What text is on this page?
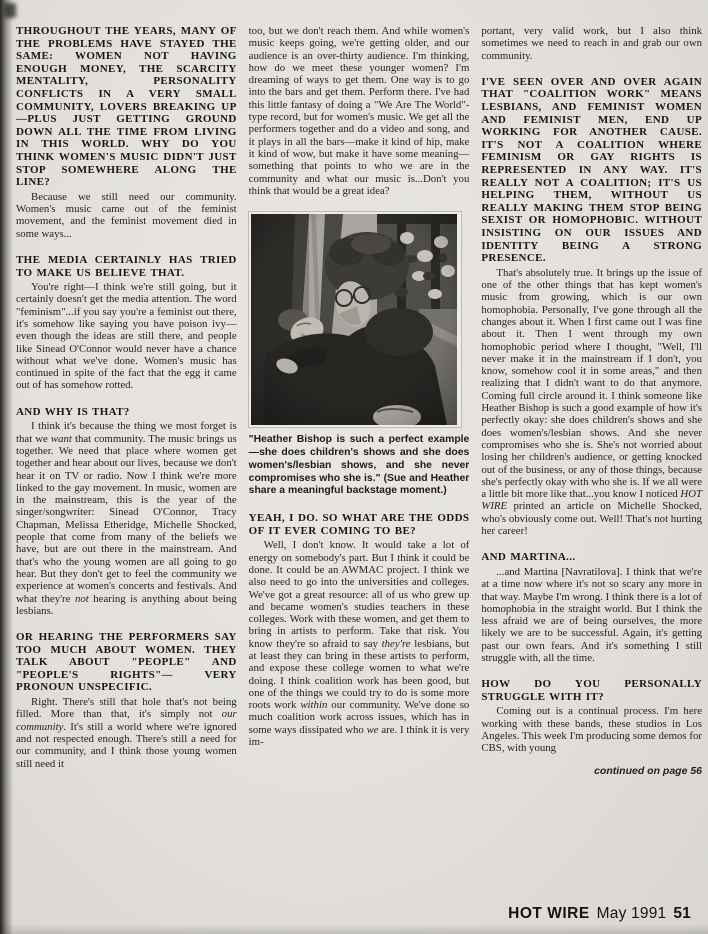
THROUGHOUT THE YEARS, MANY OF THE PROBLEMS HAVE STAYED THE SAME: WOMEN NOT HAVING ENOUGH MONEY, THE SCARCITY MENTALITY, PERSONALITY CONFLICTS IN A VERY SMALL COMMUNITY, LOVERS BREAKING UP—PLUS JUST GETTING GROUND DOWN ALL THE TIME FROM LIVING IN THIS WORLD. WHY DO YOU THINK WOMEN'S MUSIC DIDN'T JUST STOP SOMEWHERE ALONG THE LINE?
Because we still need our community. Women's music came out of the feminist movement, and the feminist movement died in some ways...
THE MEDIA CERTAINLY HAS TRIED TO MAKE US BELIEVE THAT.
You're right—I think we're still going, but it certainly doesn't get the media attention. The word "feminism"...if you say you're a feminist out there, it's somehow like saying you have poison ivy—even though the ideas are still there, and people like Sinead O'Connor would never have a chance without what we've done. Women's music has continued in spite of the fact that the egg it came out of has somehow rotted.
AND WHY IS THAT?
I think it's because the thing we most forget is that we want that community. The music brings us together. We need that place where women get together and hear about our lives, because we don't hear it on TV or radio. Now I think we're more linked to the gay movement. In music, women are in the mainstream, this is the year of the singer/songwriter: Sinead O'Connor, Tracy Chapman, Melissa Etheridge, Michelle Shocked, people that come from many of the beliefs we have, but are out there in the mainstream. And that's who the young women are all going to go hear. But they don't get to feel the community we experience at women's concerts and festivals. And what they're not hearing is anything about being lesbians.
OR HEARING THE PERFORMERS SAY TOO MUCH ABOUT WOMEN. THEY TALK ABOUT "PEOPLE" AND "PEOPLE'S RIGHTS"— VERY PRONOUN UNSPECIFIC.
Right. There's still that hole that's not being filled. More than that, it's simply not our community. It's still a world where we're ignored and not respected enough. There's still a need for our community, and I think those young women still need it
too, but we don't reach them. And while women's music keeps going, we're getting older, and our audience is an over-thirty audience. I'm thinking, how do we meet these younger women? I'm dreaming of ways to get them. One way is to go into the bars and get them. Perform there. I've had this little fantasy of doing a "We Are The World"-type record, but for women's music. We get all the performers together and do a video and song, and it plays in all the bars—make it kind of hip, make it kind of wow, but make it have some meaning—something that points to who we are in the community and what our music is...Don't you think that would be a great idea?
"Heather Bishop is such a perfect example—she does children's shows and she does women's/lesbian shows, and she never compromises who she is." (Sue and Heather share a meaningful backstage moment.)
YEAH, I DO. SO WHAT ARE THE ODDS OF IT EVER COMING TO BE?
Well, I don't know. It would take a lot of energy on somebody's part. But I think it could be done. It could be an AWMAC project. I think we also need to go into the universities and colleges. We've got a great resource: all of us who grew up and became women's studies teachers in these colleges. Work with these women, and get them to bring in artists to perform. Take that risk. You know they're so afraid to say they're lesbians, but at least they can bring in these artists to perform, and expose these college women to what we're doing. I think coalition work has been good, but one of the things we could try to do is some more roots work within our community. We've done so much coalition work across issues, which has in some ways dissipated who we are. I think it is very im-
portant, very valid work, but I also think sometimes we need to reach in and grab our own community.
I'VE SEEN OVER AND OVER AGAIN THAT "COALITION WORK" MEANS LESBIANS, AND FEMINIST WOMEN AND FEMINIST MEN, END UP WORKING FOR ANOTHER CAUSE. IT'S NOT A COALITION WHERE FEMINISM OR GAY RIGHTS IS REPRESENTED IN ANY WAY. IT'S REALLY NOT A COALITION; IT'S US HELPING THEM, WITHOUT US REALLY MAKING THEM STOP BEING SEXIST OR HOMOPHOBIC. WITHOUT INSISTING ON OUR ISSUES AND IDENTITY BEING A STRONG PRESENCE.
That's absolutely true. It brings up the issue of one of the other things that has kept women's music from growing, which is our own homophobia. Personally, I've gone through all the changes about it. When I first came out I was fine about it. Then I went through my own homophobic period where I thought, "Well, I'll never make it in the mainstream if I don't, you know, somehow cool it in some areas," and then realizing that I didn't want to do that anymore. Coming full circle around it. I think someone like Heather Bishop is such a good example of how it's perfectly okay: she does children's shows and she does women's/lesbian shows. And she never compromises who she is. She's not worried about losing her children's audience, or getting knocked out of the business, or any of those things, because she's perfectly okay with who she is. If we all were a little bit more like that...you know I noticed HOT WIRE printed an article on Michelle Shocked, who's obviously come out. Well! That's not hurting her career!
AND MARTINA...
...and Martina [Navratilova]. I think that we're at a time now where it's not so scary any more in that way. Maybe I'm wrong. I think there is a lot of homophobia in the straight world. But I think the less afraid we are of being ourselves, the more likely we are to be successful. Again, it's getting past our own fears. And it's something I still struggle with, all the time.
HOW DO YOU PERSONALLY STRUGGLE WITH IT?
Coming out is a continual process. I'm here working with these bands, these studios in Los Angeles. This week I'm producing some demos for CBS, with young
continued on page 56
HOT WIRE May 1991 51
